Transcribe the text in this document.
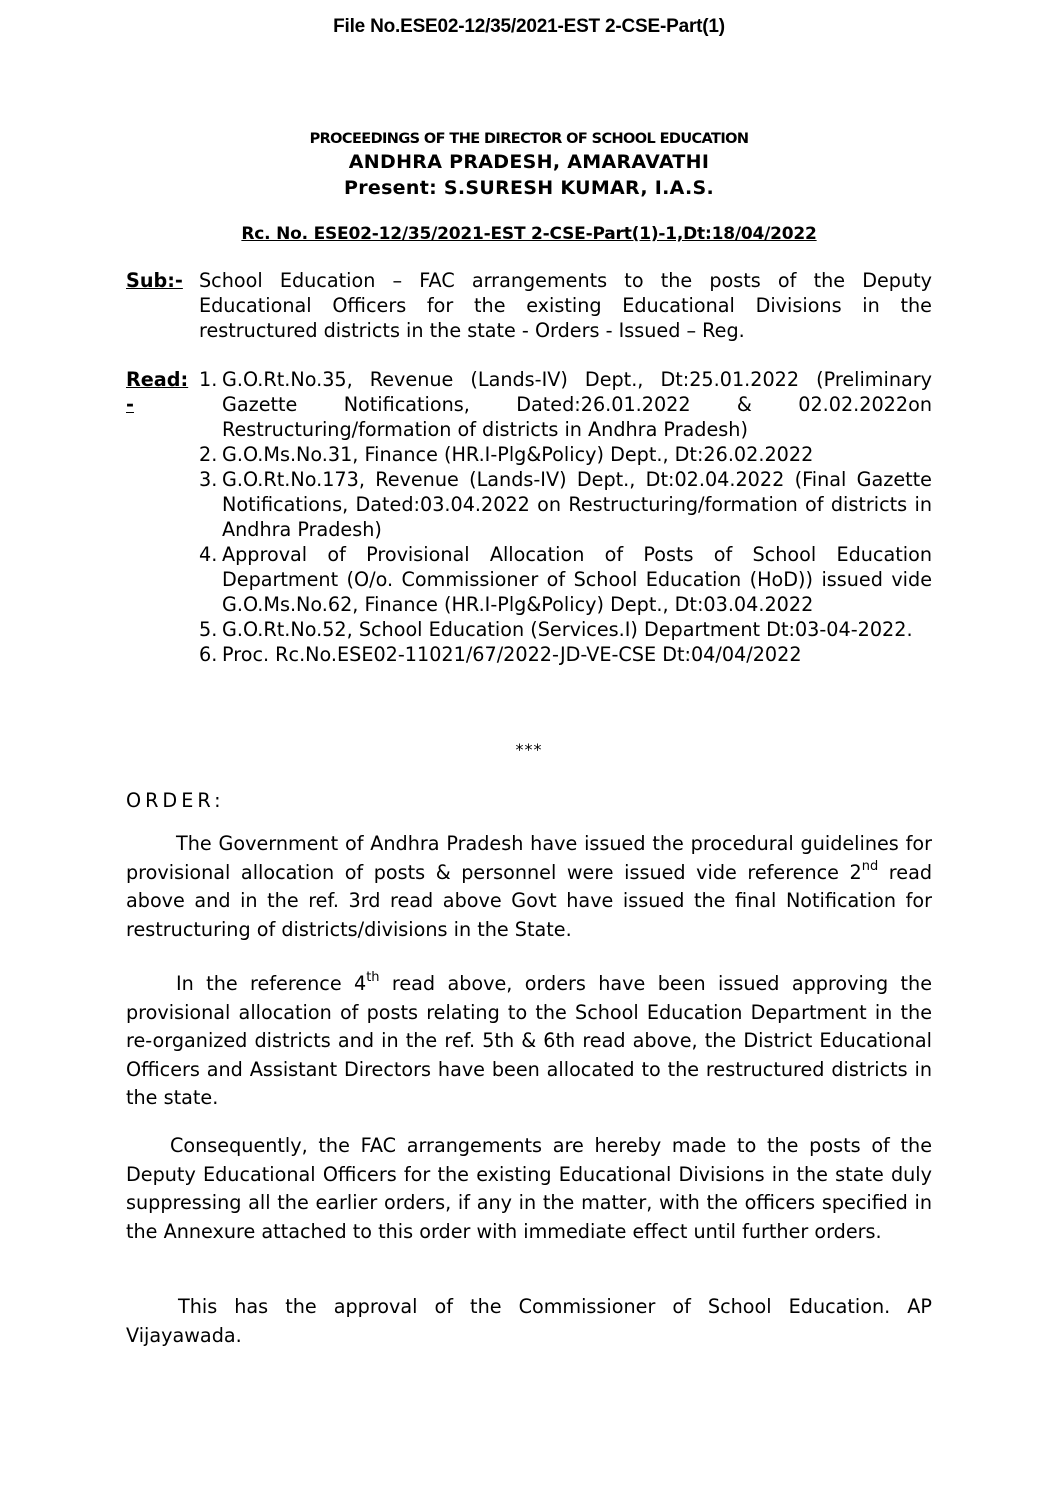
File No.ESE02-12/35/2021-EST 2-CSE-Part(1)
PROCEEDINGS OF THE DIRECTOR OF SCHOOL EDUCATION
ANDHRA PRADESH, AMARAVATHI
Present: S.SURESH KUMAR, I.A.S.
Rc. No. ESE02-12/35/2021-EST 2-CSE-Part(1)-1,Dt:18/04/2022
Sub:- School Education – FAC arrangements to the posts of the Deputy Educational Officers for the existing Educational Divisions in the restructured districts in the state - Orders - Issued – Reg.
Read:
-
1. G.O.Rt.No.35, Revenue (Lands-IV) Dept., Dt:25.01.2022 (Preliminary Gazette Notifications, Dated:26.01.2022 & 02.02.2022on Restructuring/formation of districts in Andhra Pradesh)
2. G.O.Ms.No.31, Finance (HR.I-Plg&Policy) Dept., Dt:26.02.2022
3. G.O.Rt.No.173, Revenue (Lands-IV) Dept., Dt:02.04.2022 (Final Gazette Notifications, Dated:03.04.2022 on Restructuring/formation of districts in Andhra Pradesh)
4. Approval of Provisional Allocation of Posts of School Education Department (O/o. Commissioner of School Education (HoD)) issued vide G.O.Ms.No.62, Finance (HR.I-Plg&Policy) Dept., Dt:03.04.2022
5. G.O.Rt.No.52, School Education (Services.I) Department Dt:03-04-2022.
6. Proc. Rc.No.ESE02-11021/67/2022-JD-VE-CSE Dt:04/04/2022
***
ORDER:
The Government of Andhra Pradesh have issued the procedural guidelines for provisional allocation of posts & personnel were issued vide reference 2nd read above and in the ref. 3rd read above Govt have issued the final Notification for restructuring of districts/divisions in the State.
In the reference 4th read above, orders have been issued approving the provisional allocation of posts relating to the School Education Department in the re-organized districts and in the ref. 5th & 6th read above, the District Educational Officers and Assistant Directors have been allocated to the restructured districts in the state.
Consequently, the FAC arrangements are hereby made to the posts of the Deputy Educational Officers for the existing Educational Divisions in the state duly suppressing all the earlier orders, if any in the matter, with the officers specified in the Annexure attached to this order with immediate effect until further orders.
This has the approval of the Commissioner of School Education. AP Vijayawada.
